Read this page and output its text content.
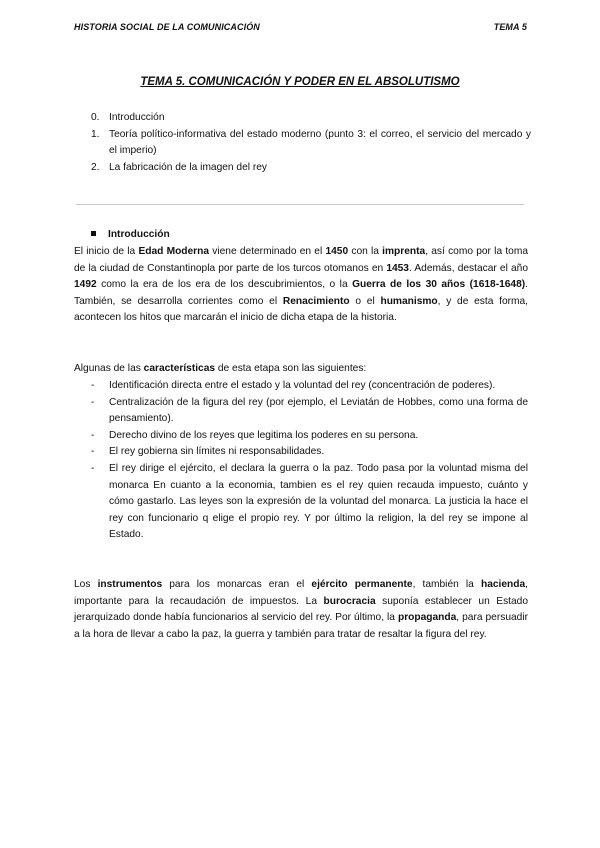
HISTORIA SOCIAL DE LA COMUNICACIÓN	TEMA 5
TEMA 5. COMUNICACIÓN Y PODER EN EL ABSOLUTISMO
0. Introducción
1. Teoría político-informativa del estado moderno (punto 3: el correo, el servicio del mercado y el imperio)
2. La fabricación de la imagen del rey
Introducción
El inicio de la Edad Moderna viene determinado en el 1450 con la imprenta, así como por la toma de la ciudad de Constantinopla por parte de los turcos otomanos en 1453. Además, destacar el año 1492 como la era de los era de los descubrimientos, o la Guerra de los 30 años (1618-1648). También, se desarrolla corrientes como el Renacimiento o el humanismo, y de esta forma, acontecen los hitos que marcarán el inicio de dicha etapa de la historia.
Algunas de las características de esta etapa son las siguientes:
-	Identificación directa entre el estado y la voluntad del rey (concentración de poderes).
-	Centralización de la figura del rey (por ejemplo, el Leviatán de Hobbes, como una forma de pensamiento).
-	Derecho divino de los reyes que legitima los poderes en su persona.
-	El rey gobierna sin límites ni responsabilidades.
-	El rey dirige el ejército, el declara la guerra o la paz. Todo pasa por la voluntad misma del monarca En cuanto a la economia, tambien es el rey quien recauda impuesto, cuánto y cómo gastarlo. Las leyes son la expresión de la voluntad del monarca. La justicia la hace el rey con funcionario q elige el propio rey. Y por último la religion, la del rey se impone al Estado.
Los instrumentos para los monarcas eran el ejército permanente, también la hacienda, importante para la recaudación de impuestos. La burocracia suponía establecer un Estado jerarquizado donde había funcionarios al servicio del rey. Por último, la propaganda, para persuadir a la hora de llevar a cabo la paz, la guerra y también para tratar de resaltar la figura del rey.
